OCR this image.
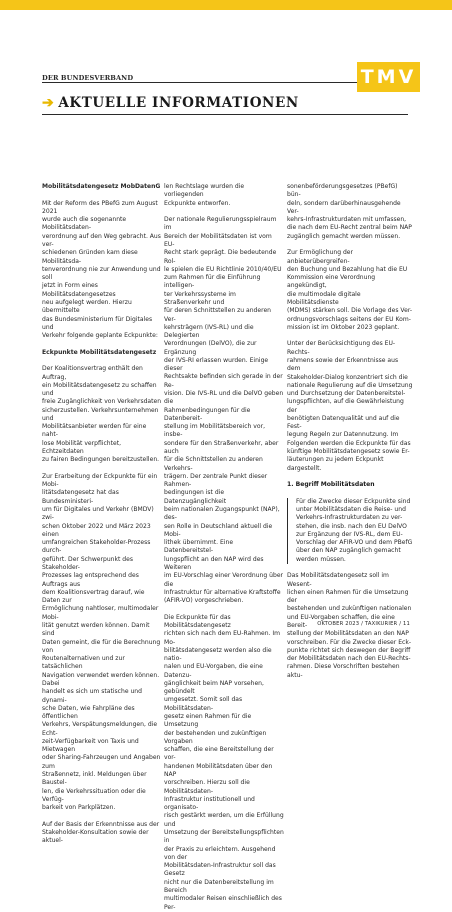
DER BUNDESVERBAND	TMV
➔ AKTUELLE INFORMATIONEN

Mobilitätsdatengesetz MobDatenG

Mit der Reform des PBefG zum August 2021
wurde auch die sogenannte Mobilitätsdaten-
verordnung auf den Weg gebracht. Aus ver-
schiedenen Gründen kam diese Mobilitätsda-
tenverordnung nie zur Anwendung und soll
jetzt in Form eines Mobilitätsdatengesetzes
neu aufgelegt werden. Hierzu übermittelte
das Bundesministerium für Digitales und
Verkehr folgende geplante Eckpunkte:

Eckpunkte Mobilitätsdatengesetz

Der Koalitionsvertrag enthält den Auftrag,
ein Mobilitätsdatengesetz zu schaffen und
freie Zugänglichkeit von Verkehrsdaten
sicherzustellen. Verkehrsunternehmen und
Mobilitätsanbieter werden für eine naht-
lose Mobilität verpflichtet, Echtzeitdaten
zu fairen Bedingungen bereitzustellen.

Zur Erarbeitung der Eckpunkte für ein Mobi-
litätsdatengesetz hat das Bundesministeri-
um für Digitales und Verkehr (BMDV) zwi-
schen Oktober 2022 und März 2023 einen
umfangreichen Stakeholder-Prozess durch-
geführt. Der Schwerpunkt des Stakeholder-
Prozesses lag entsprechend des Auftrags aus
dem Koalitionsvertrag darauf, wie Daten zur
Ermöglichung nahtloser, multimodaler Mobi-
lität genutzt werden können. Damit sind
Daten gemeint, die für die Berechnung von
Routenalternativen und zur tatsächlichen
Navigation verwendet werden können. Dabei
handelt es sich um statische und dynami-
sche Daten, wie Fahrpläne des öffentlichen
Verkehrs, Verspätungsmeldungen, die Echt-
zeit-Verfügbarkeit von Taxis und Mietwagen
oder Sharing-Fahrzeugen und Angaben zum
Straßennetz, inkl. Meldungen über Baustel-
len, die Verkehrssituation oder die Verfüg-
barkeit von Parkplätzen.

Auf der Basis der Erkenntnisse aus der
Stakeholder-Konsultation sowie der aktuel-

len Rechtslage wurden die vorliegenden
Eckpunkte entworfen.

Der nationale Regulierungsspielraum im
Bereich der Mobilitätsdaten ist vom EU-
Recht stark geprägt. Die bedeutende Rol-
le spielen die EU Richtlinie 2010/40/EU
zum Rahmen für die Einführung intelligen-
ter Verkehrssysteme im Straßenverkehr und
für deren Schnittstellen zu anderen Ver-
kehrsträgern (IVS-RL) und die Delegierten
Verordnungen (DelVO), die zur Ergänzung
der IVS-RI erlassen wurden. Einige dieser
Rechtsakte befinden sich gerade in der Re-
vision. Die IVS-RL und die DelVO geben die
Rahmenbedingungen für die Datenbereit-
stellung im Mobilitätsbereich vor, insbe-
sondere für den Straßenverkehr, aber auch
für die Schnittstellen zu anderen Verkehrs-
trägern. Der zentrale Punkt dieser Rahmen-
bedingungen ist die Datenzugänglichkeit
beim nationalen Zugangspunkt (NAP), des-
sen Rolle in Deutschland aktuell die Mobi-
lithek übernimmt. Eine Datenbereitstel-
lungspflicht an den NAP wird des Weiteren
im EU-Vorschlag einer Verordnung über die
Infrastruktur für alternative Kraftstoffe
(AFIR-VO) vorgeschrieben.

Die Eckpunkte für das Mobilitätsdatengesetz
richten sich nach dem EU-Rahmen. Im Mo-
bilitätsdatengesetz werden also die natio-
nalen und EU-Vorgaben, die eine Datenzu-
gänglichkeit beim NAP vorsehen, gebündelt
umgesetzt. Somit soll das Mobilitätsdaten-
gesetz einen Rahmen für die Umsetzung
der bestehenden und zukünftigen Vorgaben
schaffen, die eine Bereitstellung der vor-
handenen Mobilitätsdaten über den NAP
vorschreiben. Hierzu soll die Mobilitätsdaten-
Infrastruktur institutionell und organisato-
risch gestärkt werden, um die Erfüllung und
Umsetzung der Bereitstellungspflichten in
der Praxis zu erleichtern. Ausgehend von der
Mobilitätsdaten-Infrastruktur soll das Gesetz
nicht nur die Datenbereitstellung im Bereich
multimodaler Reisen einschließlich des Per-

sonenbeförderungsgesetzes (PBefG) bün-
deln, sondern darüberhinausgehende Ver-
kehrs-Infrastrukturdaten mit umfassen,
die nach dem EU-Recht zentral beim NAP
zugänglich gemacht werden müssen.

Zur Ermöglichung der anbieterübergreifen-
den Buchung und Bezahlung hat die EU
Kommission eine Verordnung angekündigt,
die multimodale digitale Mobilitätsdienste
(MDMS) stärken soll. Die Vorlage des Ver-
ordnungsvorschlags seitens der EU Kom-
mission ist im Oktober 2023 geplant.

Unter der Berücksichtigung des EU-Rechts-
rahmens sowie der Erkenntnisse aus dem
Stakeholder-Dialog konzentriert sich die
nationale Regulierung auf die Umsetzung
und Durchsetzung der Datenbereitstel-
lungspflichten, auf die Gewährleistung der
benötigten Datenqualität und auf die Fest-
legung Regeln zur Datennutzung. Im
Folgenden werden die Eckpunkte für das
künftige Mobilitätsdatengesetz sowie Er-
läuterungen zu jedem Eckpunkt dargestellt.

1. Begriff Mobilitätsdaten

Für die Zwecke dieser Eckpunkte sind
unter Mobilitätsdaten die Reise- und
Verkehrs-Infrastrukturdaten zu ver-
stehen, die insb. nach den EU DelVO
zur Ergänzung der IVS-RL, dem EU-
Vorschlag der AFIR-VO und dem PBefG
über den NAP zugänglich gemacht
werden müssen.

Das Mobilitätsdatengesetz soll im Wesent-
lichen einen Rahmen für die Umsetzung der
bestehenden und zukünftigen nationalen
und EU-Vorgaben schaffen, die eine Bereit-
stellung der Mobilitätsdaten an den NAP
vorschreiben. Für die Zwecke dieser Eck-
punkte richtet sich deswegen der Begriff
der Mobilitätsdaten nach den EU-Rechts-
rahmen. Diese Vorschriften bestehen aktu-

OKTOBER 2023 / TAXIKURIER / 11
